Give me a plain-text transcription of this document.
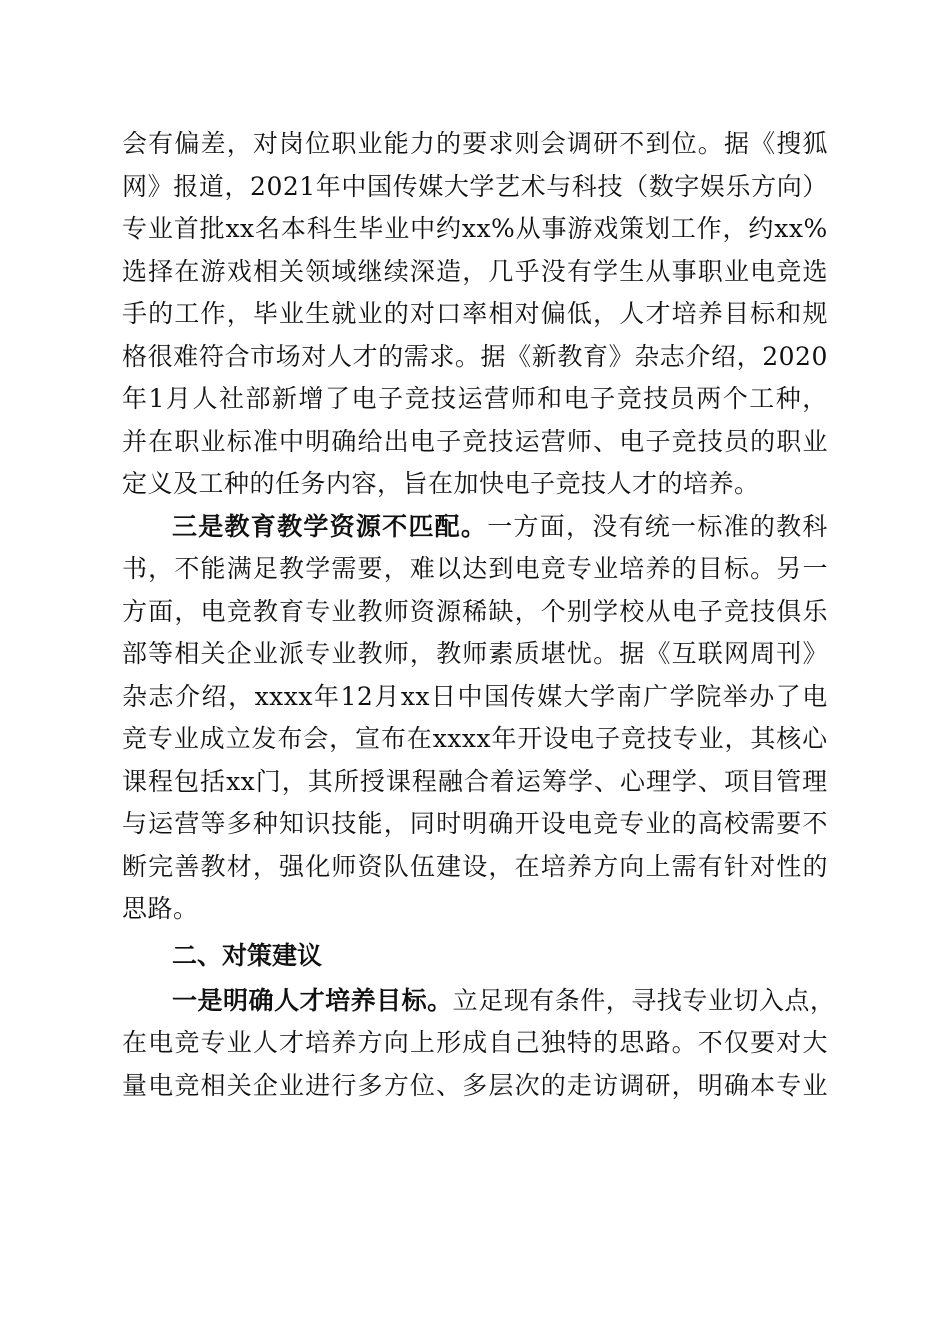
会 有 偏 差 ， 对 岗 位 职 业 能 力 的 要 求 则 会 调 研 不 到 位 。 据 《 搜 狐
网 》 报 道 ， 2021 年 中 国 传 媒 大 学 艺 术 与 科 技 （ 数 字 娱 乐 方 向 ）
专 业 首 批 xx 名 本 科 生 毕 业 中 约 xx% 从 事 游 戏 策 划 工 作 ， 约 xx%
选 择 在 游 戏 相 关 领 域 继 续 深 造 ， 几 乎 没 有 学 生 从 事 职 业 电 竞 选
手 的 工 作 ， 毕 业 生 就 业 的 对 口 率 相 对 偏 低 ， 人 才 培 养 目 标 和 规
格 很 难 符 合 市 场 对 人 才 的 需 求 。 据 《 新 教 育 》 杂 志 介 绍 ， 2020
年 1 月 人 社 部 新 增 了 电 子 竞 技 运 营 师 和 电 子 竞 技 员 两 个 工 种 ，
并 在 职 业 标 准 中 明 确 给 出 电 子 竞 技 运 营 师 、 电 子 竞 技 员 的 职 业
定义及工种的任务内容，旨在加快电子竞技人才的培养。
三 是 教 育 教 学 资 源 不 匹 配 。 一 方 面 ， 没 有 统 一 标 准 的 教 科
书 ， 不 能 满 足 教 学 需 要 ， 难 以 达 到 电 竞 专 业 培 养 的 目 标 。 另 一
方 面 ， 电 竞 教 育 专 业 教 师 资 源 稀 缺 ， 个 别 学 校 从 电 子 竞 技 俱 乐
部 等 相 关 企 业 派 专 业 教 师 ， 教 师 素 质 堪 忧 。 据 《 互 联 网 周 刊 》
杂 志 介 绍 ， xxxx 年 12 月 xx 日 中 国 传 媒 大 学 南 广 学 院 举 办 了 电
竞 专 业 成 立 发 布 会 ， 宣 布 在 xxxx 年 开 设 电 子 竞 技 专 业 ， 其 核 心
课 程 包 括 xx 门 ， 其 所 授 课 程 融 合 着 运 筹 学 、 心 理 学 、 项 目 管 理
与 运 营 等 多 种 知 识 技 能 ， 同 时 明 确 开 设 电 竞 专 业 的 高 校 需 要 不
断 完 善 教 材 ， 强 化 师 资 队 伍 建 设 ， 在 培 养 方 向 上 需 有 针 对 性 的
思路。
二、对策建议
一 是 明 确 人 才 培 养 目 标 。 立 足 现 有 条 件 ， 寻 找 专 业 切 入 点 ，
在 电 竞 专 业 人 才 培 养 方 向 上 形 成 自 己 独 特 的 思 路 。 不 仅 要 对 大
量 电 竞 相 关 企 业 进 行 多 方 位 、 多 层 次 的 走 访 调 研 ， 明 确 本 专 业
